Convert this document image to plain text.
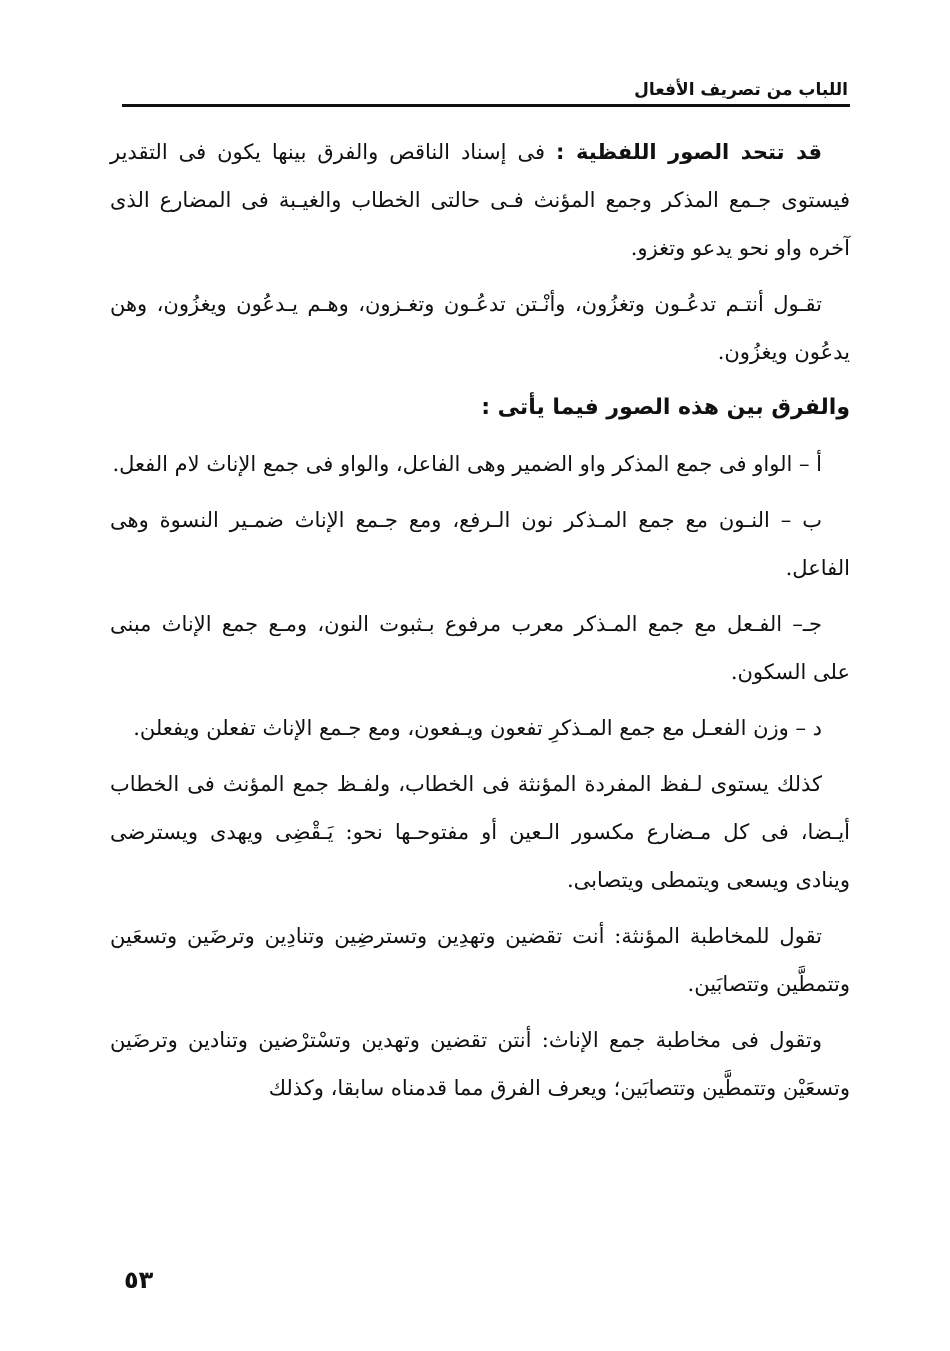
اللباب من تصريف الأفعال

قد تتحد الصور اللفظية : فى إسناد الناقص والفرق بينها يكون فى التقدير فيستوى جـمع المذكر وجمع المؤنث فـى حالتى الخطاب والغيـبة فى المضارع الذى آخره واو نحو يدعو وتغزو.

تقـول أنتـم تدعُـون وتغزُون، وأنْـتن تدعُـون وتغـزون، وهـم يـدعُون ويغزُون، وهن يدعُون ويغزُون.

والفرق بين هذه الصور فيما يأتى :

أ – الواو فى جمع المذكر واو الضمير وهى الفاعل، والواو فى جمع الإناث لام الفعل.

ب – النـون مع جمع المـذكر نون الـرفع، ومع جـمع الإناث ضمـير النسوة وهى الفاعل.

جـ– الفـعل مع جمع المـذكر معرب مرفوع بـثبوت النون، ومـع جمع الإناث مبنى على السكون.

د – وزن الفعـل مع جمع المـذكرِ تفعون ويـفعون، ومع جـمع الإناث تفعلن ويفعلن.

كذلك يستوى لـفظ المفردة المؤنثة فى الخطاب، ولفـظ جمع المؤنث فى الخطاب أيـضا، فى كل مـضارع مكسور الـعين أو مفتوحـها نحو: يَـقْضِى ويهدى ويسترضى وينادى ويسعى ويتمطى ويتصابى.

تقول للمخاطبة المؤنثة: أنت تقضين وتهدِين وتسترضِين وتنادِين وترضَين وتسعَين وتتمطَّين وتتصابَين.

وتقول فى مخاطبة جمع الإناث: أنتن تقضين وتهدين وتسْترْضين وتنادين وترضَين وتسعَيْن وتتمطَّين وتتصابَين؛ ويعرف الفرق مما قدمناه سابقا، وكذلك

٥٣
